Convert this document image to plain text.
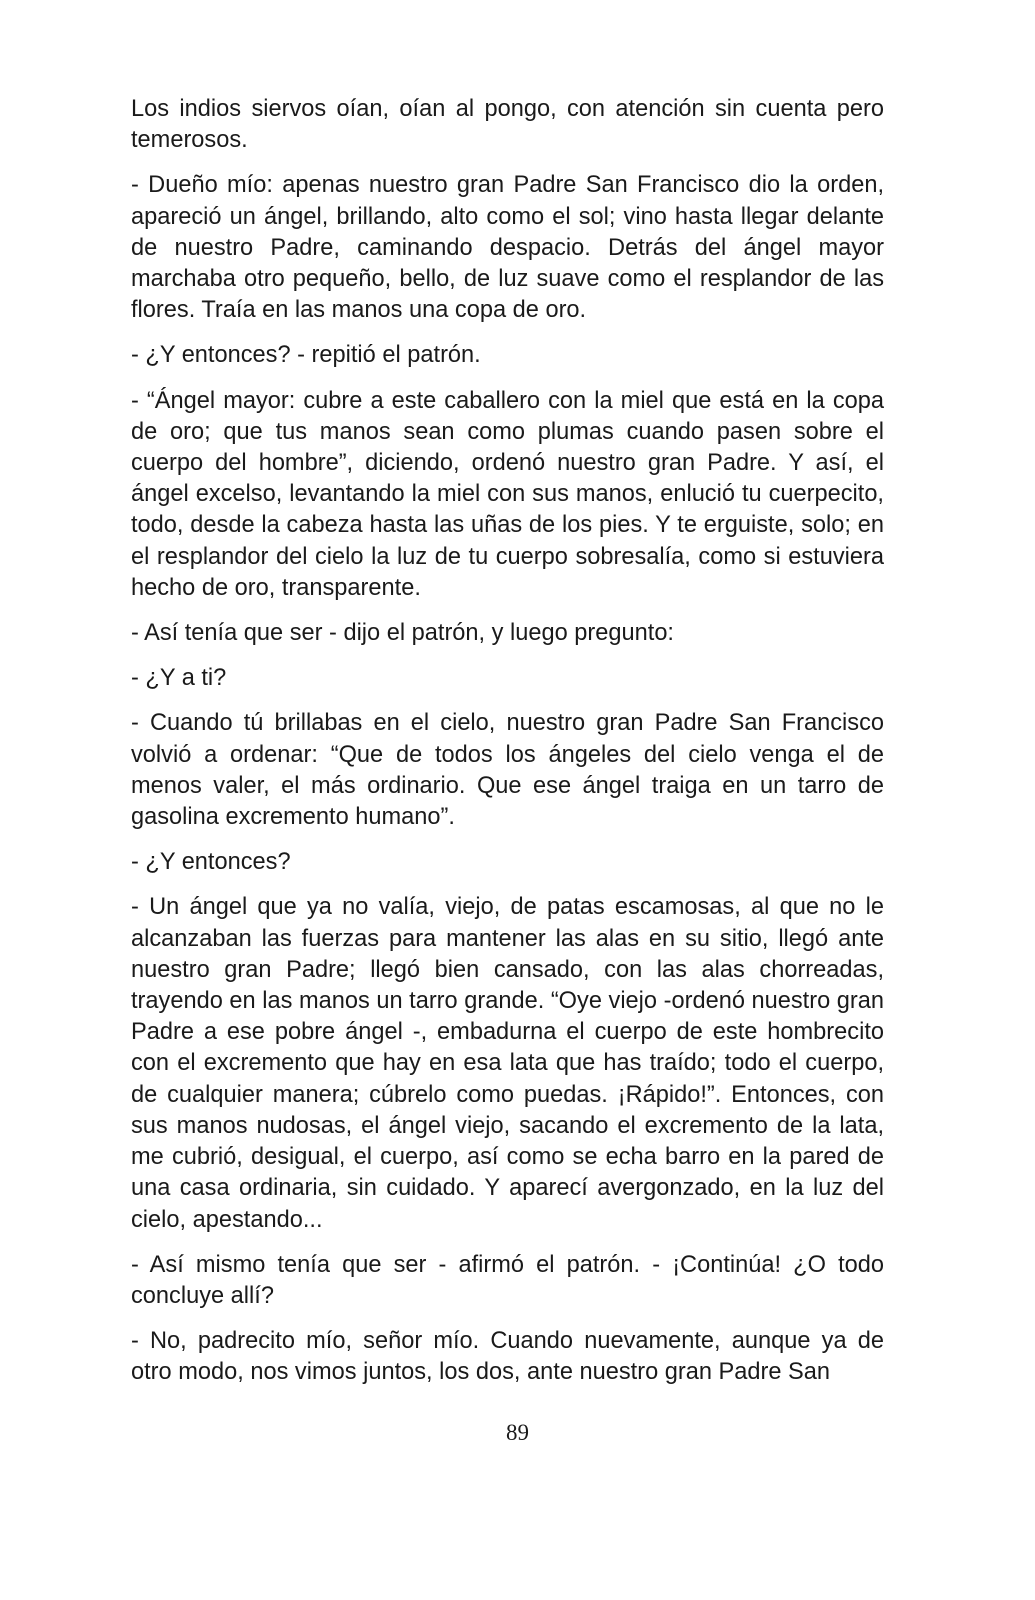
Los indios siervos oían, oían al pongo, con atención sin cuenta pero temerosos.

- Dueño mío: apenas nuestro gran Padre San Francisco dio la orden, apareció un ángel, brillando, alto como el sol; vino hasta llegar delante de nuestro Padre, caminando despacio. Detrás del ángel mayor marchaba otro pequeño, bello, de luz suave como el resplandor de las flores. Traía en las manos una copa de oro.

- ¿Y entonces? - repitió el patrón.

- “Ángel mayor: cubre a este caballero con la miel que está en la copa de oro; que tus manos sean como plumas cuando pasen sobre el cuerpo del hombre”, diciendo, ordenó nuestro gran Padre. Y así, el ángel excelso, levantando la miel con sus manos, enlució tu cuerpecito, todo, desde la cabeza hasta las uñas de los pies. Y te erguiste, solo; en el resplandor del cielo la luz de tu cuerpo sobresalía, como si estuviera hecho de oro, transparente.

- Así tenía que ser - dijo el patrón, y luego pregunto:

- ¿Y a ti?

- Cuando tú brillabas en el cielo, nuestro gran Padre San Francisco volvió a ordenar: “Que de todos los ángeles del cielo venga el de menos valer, el más ordinario. Que ese ángel traiga en un tarro de gasolina excremento humano”.

- ¿Y entonces?

- Un ángel que ya no valía, viejo, de patas escamosas, al que no le alcanzaban las fuerzas para mantener las alas en su sitio, llegó ante nuestro gran Padre; llegó bien cansado, con las alas chorreadas, trayendo en las manos un tarro grande. “Oye viejo -ordenó nuestro gran Padre a ese pobre ángel -, embadurna el cuerpo de este hombrecito con el excremento que hay en esa lata que has traído; todo el cuerpo, de cualquier manera; cúbrelo como puedas. ¡Rápido!”. Entonces, con sus manos nudosas, el ángel viejo, sacando el excremento de la lata, me cubrió, desigual, el cuerpo, así como se echa barro en la pared de una casa ordinaria, sin cuidado. Y aparecí avergonzado, en la luz del cielo, apestando...

- Así mismo tenía que ser - afirmó el patrón. - ¡Continúa! ¿O todo concluye allí?

- No, padrecito mío, señor mío. Cuando nuevamente, aunque ya de otro modo, nos vimos juntos, los dos, ante nuestro gran Padre San

89
